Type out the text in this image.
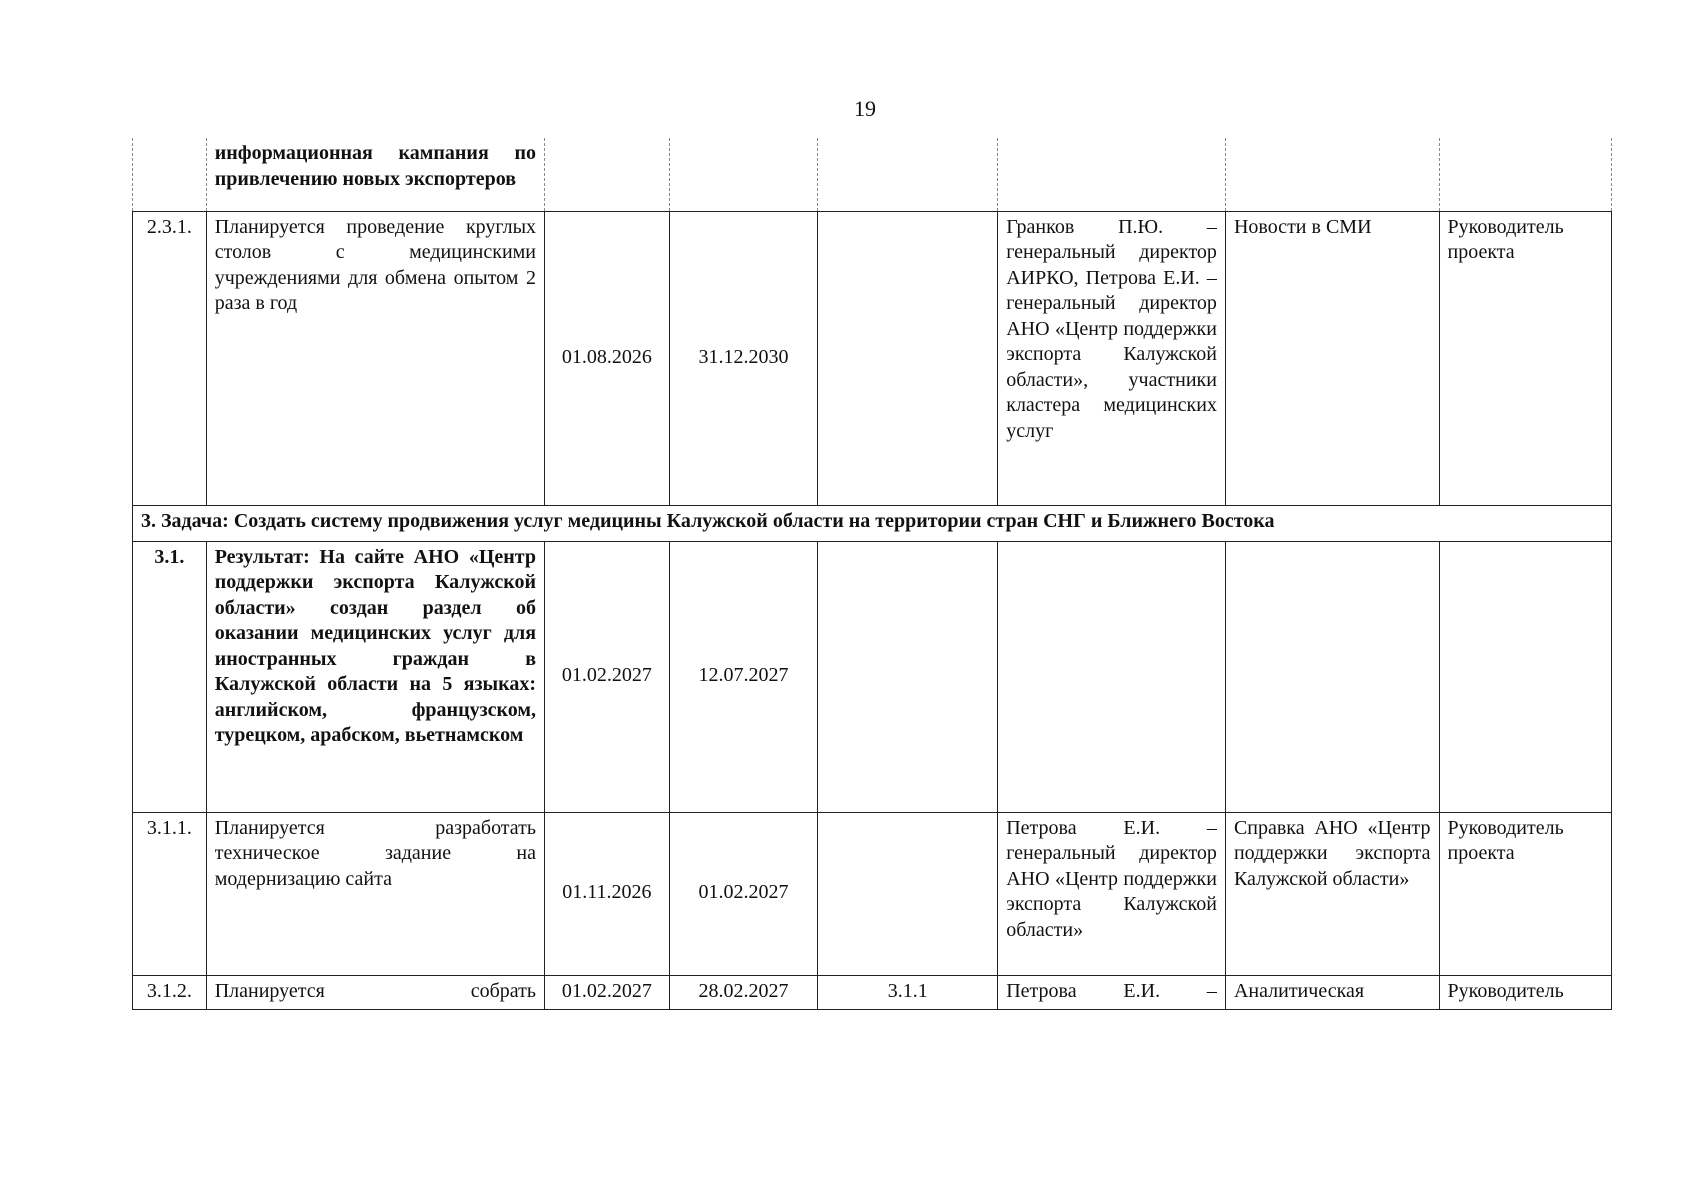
19
	информационная кампания по привлечению новых экспортеров						
2.3.1.	Планируется проведение круглых столов с медицинскими учреждениями для обмена опытом 2 раза в год	01.08.2026	31.12.2030		Гранков П.Ю. – генеральный директор АИРКО, Петрова Е.И. – генеральный директор АНО «Центр поддержки экспорта Калужской области», участники кластера медицинских услуг	Новости в СМИ	Руководитель проекта
3. Задача: Создать систему продвижения услуг медицины Калужской области на территории стран СНГ и Ближнего Востока							
3.1.	Результат: На сайте АНО «Центр поддержки экспорта Калужской области» создан раздел об оказании медицинских услуг для иностранных граждан в Калужской области на 5 языках: английском, французском, турецком, арабском, вьетнамском	01.02.2027	12.07.2027				
3.1.1.	Планируется разработать техническое задание на модернизацию сайта	01.11.2026	01.02.2027		Петрова Е.И. – генеральный директор АНО «Центр поддержки экспорта Калужской области»	Справка АНО «Центр поддержки экспорта Калужской области»	Руководитель проекта
3.1.2.	Планируется собрать	01.02.2027	28.02.2027	3.1.1	Петрова Е.И. –	Аналитическая	Руководитель
